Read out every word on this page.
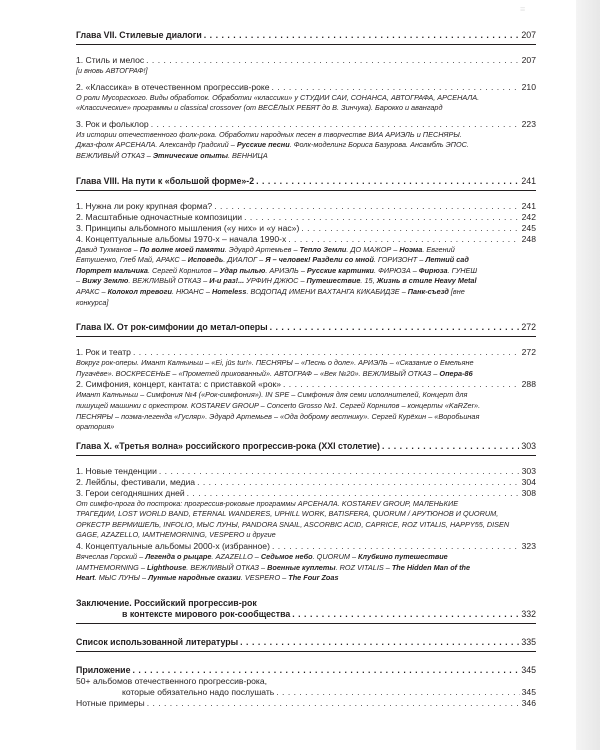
≡
Глава VII. Стилевые диалоги . . .	207
1. Стиль и мелос . . .	207

[и вновь АВТОГРАФ!]

2. «Классика» в отечественном прогрессив-роке . . .	210

О роли Мусоргского. Виды обработок. Обработки «классики» у СТУДИИ САИ, СОНАНСА, АВТОГРАФА, АРСЕНАЛА.

«Классические» программы и classical crossover (от ВЕСЁЛЫХ РЕБЯТ до В. Зинчука). Барокко и авангард

3. Рок и фольклор . . .	223

Из истории отечественного фолк-рока. Обработки народных песен в творчестве ВИА АРИЭЛЬ и ПЕСНЯРЫ.

Джаз-фолк АРСЕНАЛА. Александр Градский – Русские песни. Фолк-моделинг Бориса Базурова. Ансамбль ЭПОС.

ВЕЖЛИВЫЙ ОТКАЗ – Этнические опыты. ВЕННИЦА

Глава VIII. На пути к «большой форме»-2 . . .	241
1. Нужна ли року крупная форма? . . .	241
2. Масштабные одночастные композиции . . .	242
3. Принципы альбомного мышления («у них» и «у нас») . . .	245
4. Концептуальные альбомы 1970-х – начала 1990-х . . .	248

Давид Тухманов – По волне моей памяти. Эдуард Артемьев – Тепло Земли. ДО МАЖОР – Ноэма. Евгений

Евтушенко, Глеб Май, АРАКС – Исповедь. ДИАЛОГ – Я – человек! Раздели со мной. ГОРИЗОНТ – Летний сад

Портрет мальчика. Сергей Корнилов – Удар пылью. АРИЭЛЬ – Русские картинки. ФИРЮЗА – Фирюза. ГУНЕШ

– Вижу Землю. ВЕЖЛИВЫЙ ОТКАЗ – И-и раз!... УРФИН ДЖЮС – Путешествие. 15, Жизнь в стиле Heavy Metal

АРАКС – Колокол тревоги. НЮАНС – Homeless. ВОДОПАД ИМЕНИ ВАХТАНГА КИКАБИДЗЕ – Панк-съезд [вне

конкурса]

Глава IX. От рок-симфонии до метал-оперы . . .	272
1. Рок и театр . . .	272

Вокруг рок-оперы. Имант Калныньш – «Ei, jūs tur!». ПЕСНЯРЫ – «Песнь о доле». АРИЭЛЬ – «Сказание о Емельяне

Пугачёве». ВОСКРЕСЕНЬЕ – «Прометей прикованный». АВТОГРАФ – «Век №20». ВЕЖЛИВЫЙ ОТКАЗ – Опера-86

2. Симфония, концерт, кантата: с приставкой «рок» . . .	288

Имант Калныньш – Симфония №4 («Рок-симфония»). IN SPE – Симфония для семи исполнителей, Концерт для

пишущей машинки с оркестром. KOSTAREV GROUP – Concerto Grosso №1. Сергей Корнилов – концерты «KaRZer».

ПЕСНЯРЫ – поэма-легенда «Гусляр». Эдуард Артемьев – «Ода доброму вестнику». Сергей Курёхин – «Воробьиная

оратория»

Глава X. «Третья волна» российского прогрессив-рока (XXI столетие) . . .	303
1. Новые тенденции . . .	303
2. Лейблы, фестивали, медиа . . .	304
3. Герои сегодняшних дней . . .	308

От симфо-прога до построка: прогрессив-роковые программы АРСЕНАЛА. KOSTAREV GROUP, МАЛЕНЬКИЕ

ТРАГЕДИИ, LOST WORLD BAND, ETERNAL WANDERES, UPHILL WORK, BATISFERA, QUORUM / АРУТЮНОВ И QUORUM,

ОРКЕСТР ВЕРМИШЕЛЬ, INFOLIO, МЫС ЛУНЫ, PANDORA SNAIL, ASCORBIC ACID, CAPRICE, ROZ VITALIS, HAPPY55, DISEN

GAGE, AZAZELLO, IAMTHEMORNING, VESPERO и другие

4. Концептуальные альбомы 2000-х (избранное) . . .	323

Вячеслав Горский – Легенда о рыцаре. AZAZELLO – Седьмое небо. QUORUM – Клубкино путешествие

IAMTHEMORNING – Lighthouse. ВЕЖЛИВЫЙ ОТКАЗ – Военные куплеты. ROZ VITALIS – The Hidden Man of the

Heart. МЫС ЛУНЫ – Лунные народные сказки. VESPERO – The Four Zoas

Заключение. Российский прогрессив-рок
в контексте мирового рок-сообщества . . .	332
Список использованной литературы . . .	335
Приложение . . .	345
50+ альбомов отечественного прогрессив-рока,
которые обязательно надо послушать . . .	345
Нотные примеры . . .	346
